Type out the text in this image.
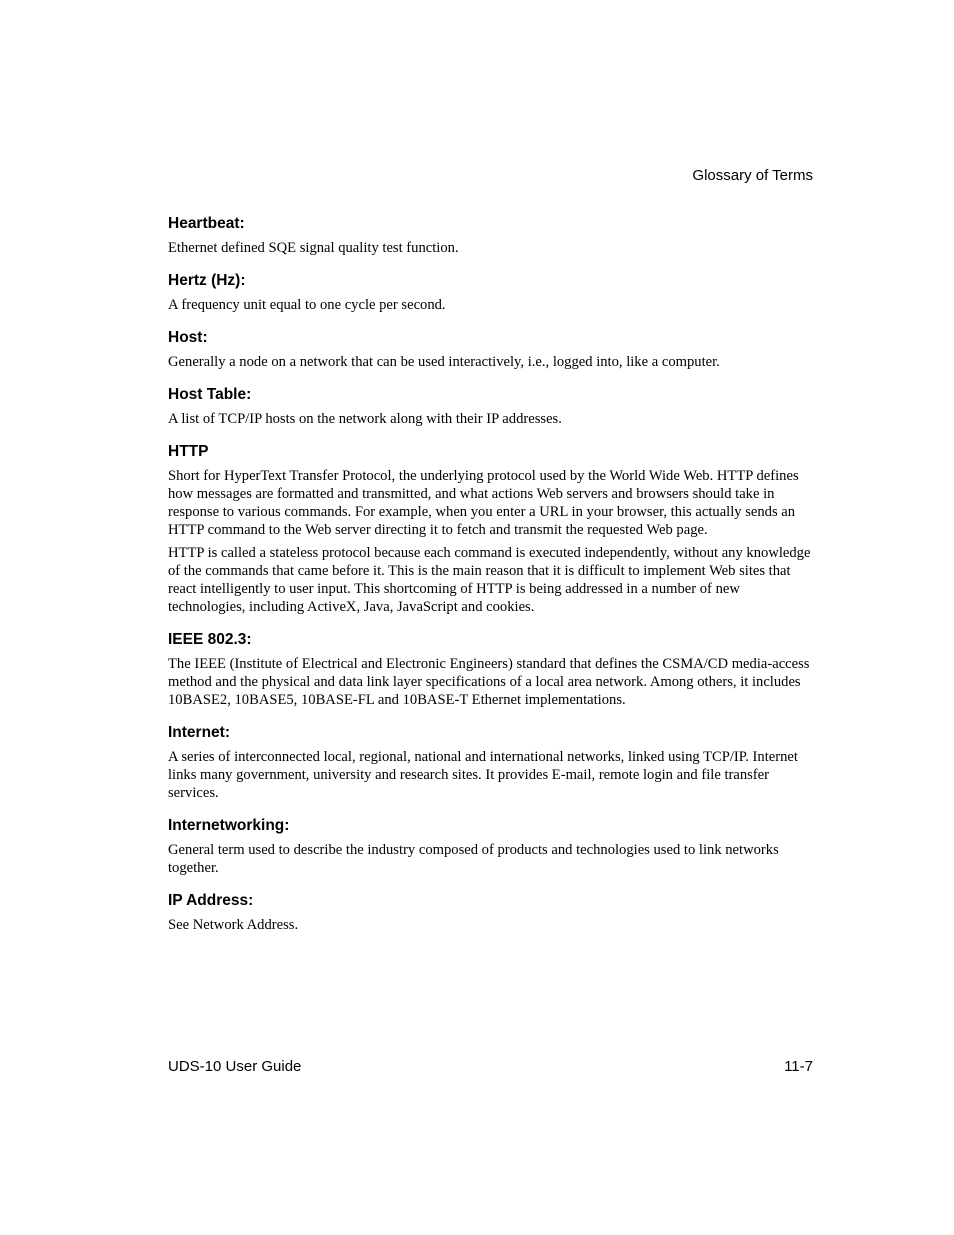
Glossary of Terms

Heartbeat:

Ethernet defined SQE signal quality test function.

Hertz (Hz):

A frequency unit equal to one cycle per second.

Host:

Generally a node on a network that can be used interactively, i.e., logged into, like a computer.

Host Table:

A list of TCP/IP hosts on the network along with their IP addresses.

HTTP

Short for HyperText Transfer Protocol, the underlying protocol used by the World Wide Web. HTTP defines how messages are formatted and transmitted, and what actions Web servers and browsers should take in response to various commands. For example, when you enter a URL in your browser, this actually sends an HTTP command to the Web server directing it to fetch and transmit the requested Web page.

HTTP is called a stateless protocol because each command is executed independently, without any knowledge of the commands that came before it. This is the main reason that it is difficult to implement Web sites that react intelligently to user input. This shortcoming of HTTP is being addressed in a number of new technologies, including ActiveX, Java, JavaScript and cookies.

IEEE 802.3:

The IEEE (Institute of Electrical and Electronic Engineers) standard that defines the CSMA/CD media-access method and the physical and data link layer specifications of a local area network. Among others, it includes 10BASE2, 10BASE5, 10BASE-FL and 10BASE-T Ethernet implementations.

Internet:

A series of interconnected local, regional, national and international networks, linked using TCP/IP. Internet links many government, university and research sites. It provides E-mail, remote login and file transfer services.

Internetworking:

General term used to describe the industry composed of products and technologies used to link networks together.

IP Address:

See Network Address.

UDS-10 User Guide	11-7
